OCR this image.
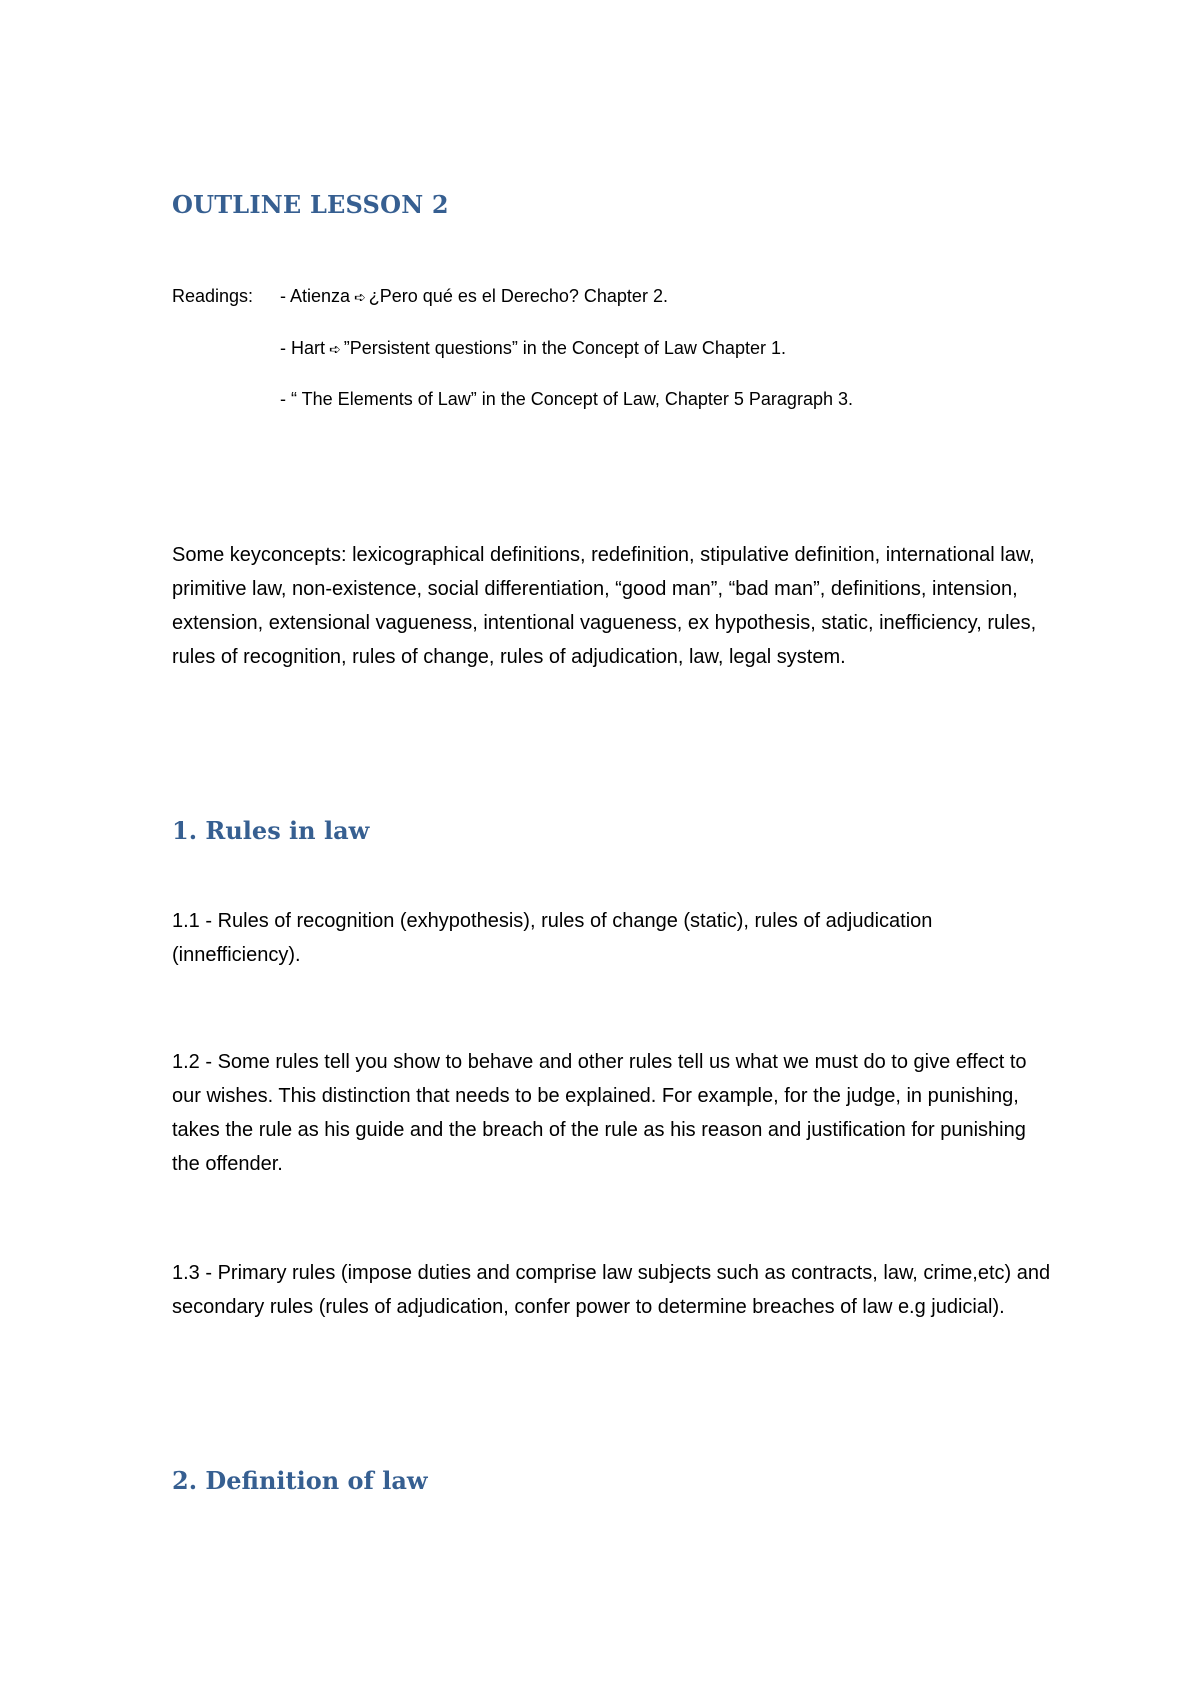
OUTLINE LESSON 2
Readings: - Atienza ➪ ¿Pero qué es el Derecho? Chapter 2.
- Hart ➪ ”Persistent questions” in the Concept of Law Chapter 1.
- “ The Elements of Law” in the Concept of Law, Chapter 5 Paragraph 3.

Some keyconcepts: lexicographical definitions, redefinition, stipulative definition, international law, primitive law, non-existence, social differentiation, “good man”, “bad man”, definitions, intension, extension, extensional vagueness, intentional vagueness, ex hypothesis, static, inefficiency, rules, rules of recognition, rules of change, rules of adjudication, law, legal system.

1. Rules in law

1.1 - Rules of recognition (exhypothesis), rules of change (static), rules of adjudication (innefficiency).

1.2 - Some rules tell you show to behave and other rules tell us what we must do to give effect to our wishes. This distinction that needs to be explained. For example, for the judge, in punishing, takes the rule as his guide and the breach of the rule as his reason and justification for punishing the offender.

1.3 - Primary rules (impose duties and comprise law subjects such as contracts, law, crime,etc) and secondary rules (rules of adjudication, confer power to determine breaches of law e.g judicial).

2. Definition of law
